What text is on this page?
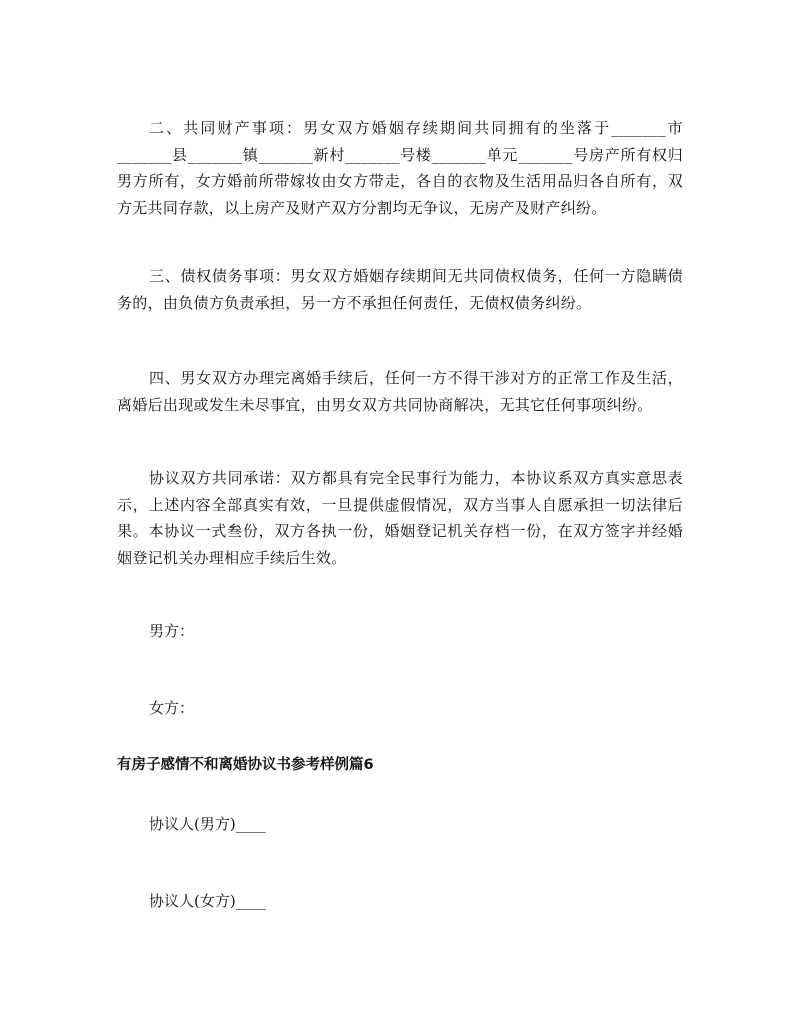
二、共同财产事项：男女双方婚姻存续期间共同拥有的坐落于_______市_______县_______镇_______新村_______号楼_______单元_______号房产所有权归男方所有，女方婚前所带嫁妆由女方带走，各自的衣物及生活用品归各自所有，双方无共同存款，以上房产及财产双方分割均无争议，无房产及财产纠纷。

三、债权债务事项：男女双方婚姻存续期间无共同债权债务，任何一方隐瞒债务的，由负债方负责承担，另一方不承担任何责任，无债权债务纠纷。

四、男女双方办理完离婚手续后，任何一方不得干涉对方的正常工作及生活，离婚后出现或发生未尽事宜，由男女双方共同协商解决，无其它任何事项纠纷。

协议双方共同承诺：双方都具有完全民事行为能力，本协议系双方真实意思表示，上述内容全部真实有效，一旦提供虚假情况，双方当事人自愿承担一切法律后果。本协议一式叁份，双方各执一份，婚姻登记机关存档一份，在双方签字并经婚姻登记机关办理相应手续后生效。

男方：

女方：

有房子感情不和离婚协议书参考样例篇6

协议人(男方)____

协议人(女方)____
